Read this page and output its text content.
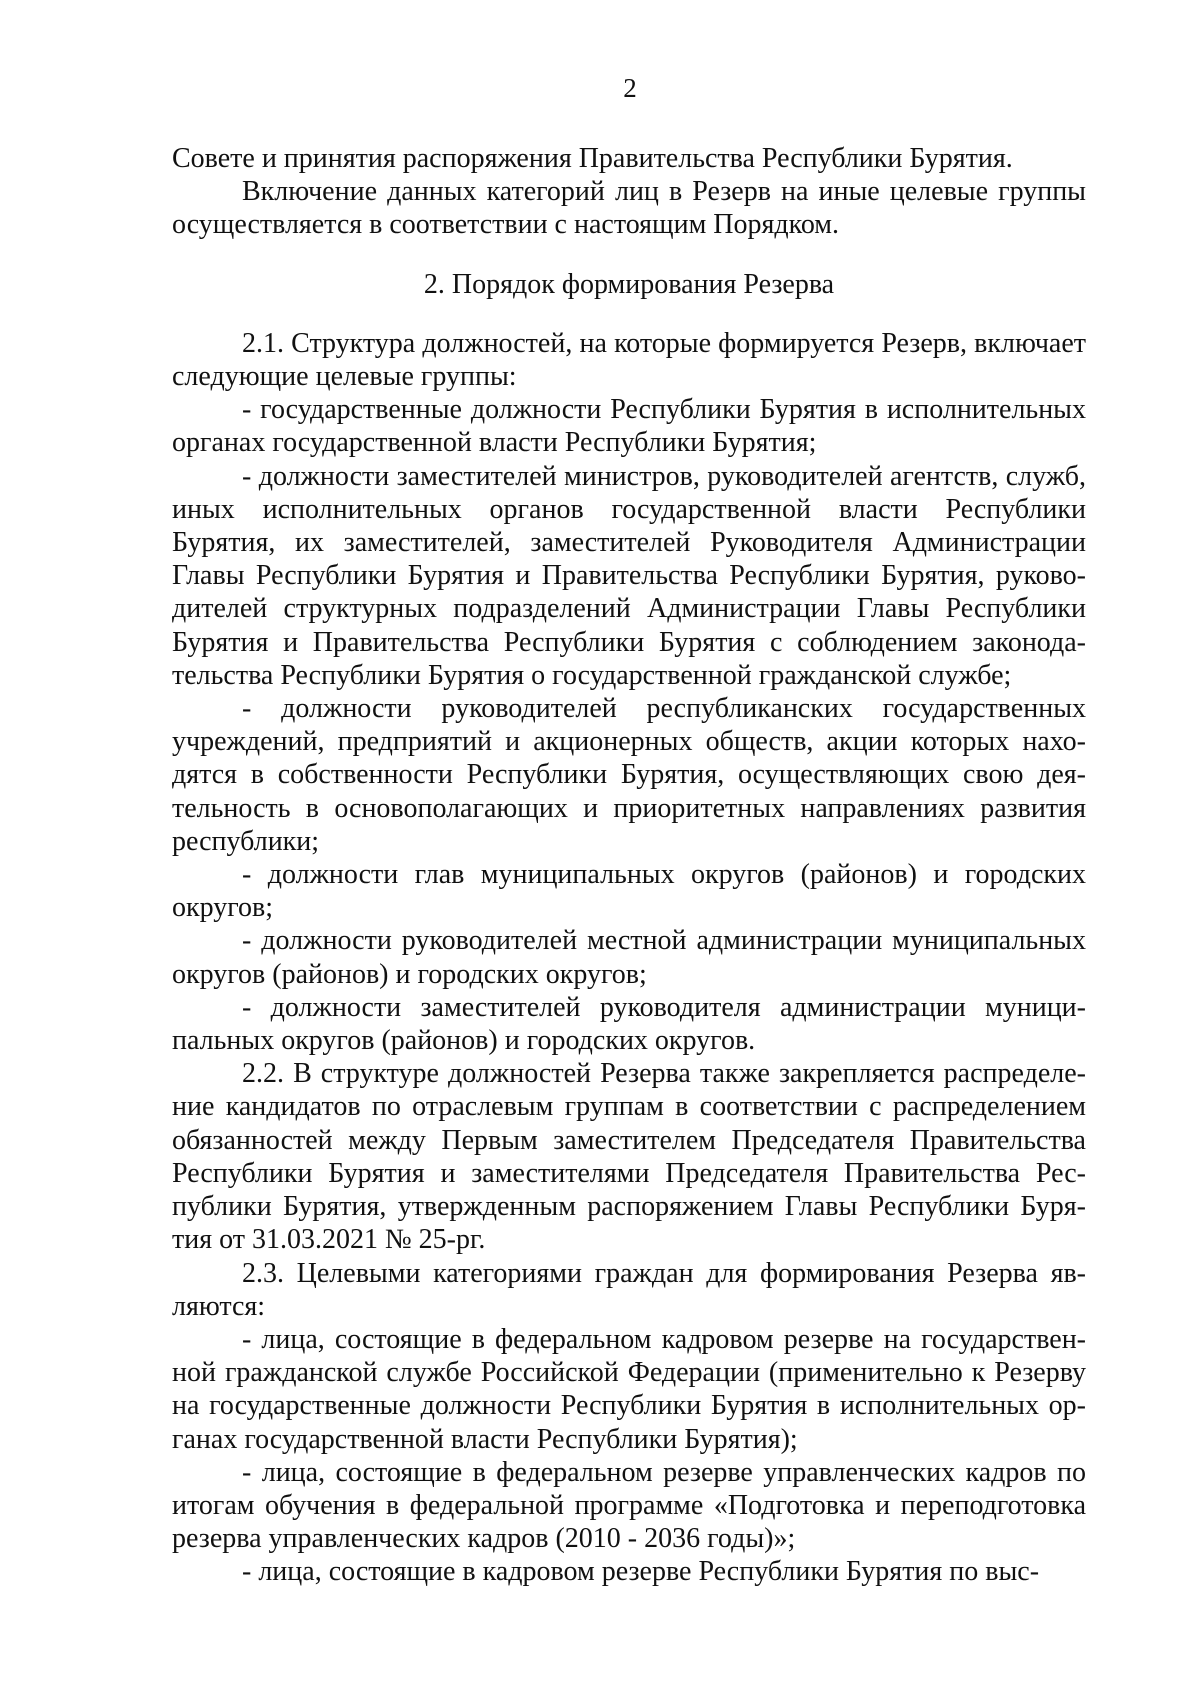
2

Совете и принятия распоряжения Правительства Республики Бурятия.

Включение данных категорий лиц в Резерв на иные целевые группы осуществляется в соответствии с настоящим Порядком.

2. Порядок формирования Резерва

2.1. Структура должностей, на которые формируется Резерв, включает следующие целевые группы:

- государственные должности Республики Бурятия в исполнительных органах государственной власти Республики Бурятия;

- должности заместителей министров, руководителей агентств, служб, иных исполнительных органов государственной власти Республики Бурятия, их заместителей, заместителей Руководителя Администрации Главы Республики Бурятия и Правительства Республики Бурятия, руководителей структурных подразделений Администрации Главы Республики Бурятия и Правительства Республики Бурятия с соблюдением законодательства Республики Бурятия о государственной гражданской службе;

- должности руководителей республиканских государственных учреждений, предприятий и акционерных обществ, акции которых находятся в собственности Республики Бурятия, осуществляющих свою деятельность в основополагающих и приоритетных направлениях развития республики;

- должности глав муниципальных округов (районов) и городских округов;

- должности руководителей местной администрации муниципальных округов (районов) и городских округов;

- должности заместителей руководителя администрации муниципальных округов (районов) и городских округов.

2.2. В структуре должностей Резерва также закрепляется распределение кандидатов по отраслевым группам в соответствии с распределением обязанностей между Первым заместителем Председателя Правительства Республики Бурятия и заместителями Председателя Правительства Республики Бурятия, утвержденным распоряжением Главы Республики Бурятия от 31.03.2021 № 25-рг.

2.3. Целевыми категориями граждан для формирования Резерва являются:

- лица, состоящие в федеральном кадровом резерве на государственной гражданской службе Российской Федерации (применительно к Резерву на государственные должности Республики Бурятия в исполнительных органах государственной власти Республики Бурятия);

- лица, состоящие в федеральном резерве управленческих кадров по итогам обучения в федеральной программе «Подготовка и переподготовка резерва управленческих кадров (2010 - 2036 годы)»;

- лица, состоящие в кадровом резерве Республики Бурятия по выс-
